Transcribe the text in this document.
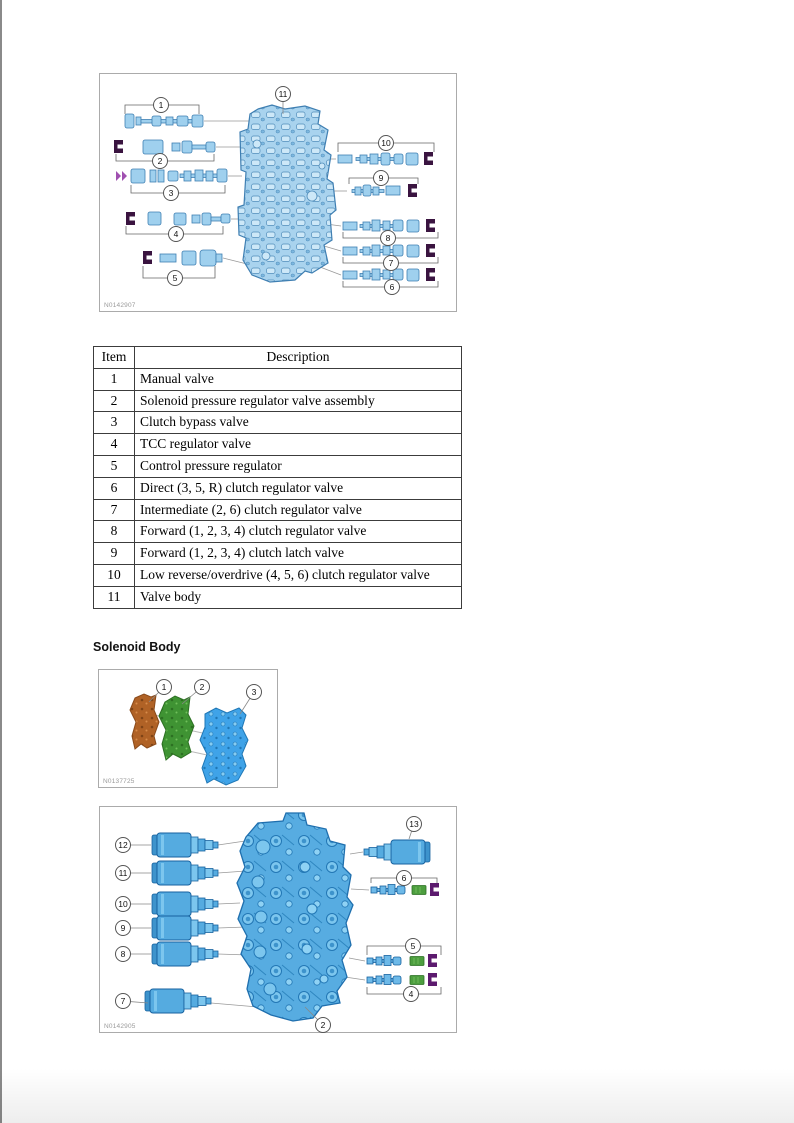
1
2
3
4
5
6
7
8
9
10
11
N0142907
Item	Description
1	Manual valve
2	Solenoid pressure regulator valve assembly
3	Clutch bypass valve
4	TCC regulator valve
5	Control pressure regulator
6	Direct (3, 5, R) clutch regulator valve
7	Intermediate (2, 6) clutch regulator valve
8	Forward (1, 2, 3, 4) clutch regulator valve
9	Forward (1, 2, 3, 4) clutch latch valve
10	Low reverse/overdrive (4, 5, 6) clutch regulator valve
11	Valve body
Solenoid Body
1	2	3
N0137725
2
4
5
6
7
8
9
10
11
12
13
N0142905
